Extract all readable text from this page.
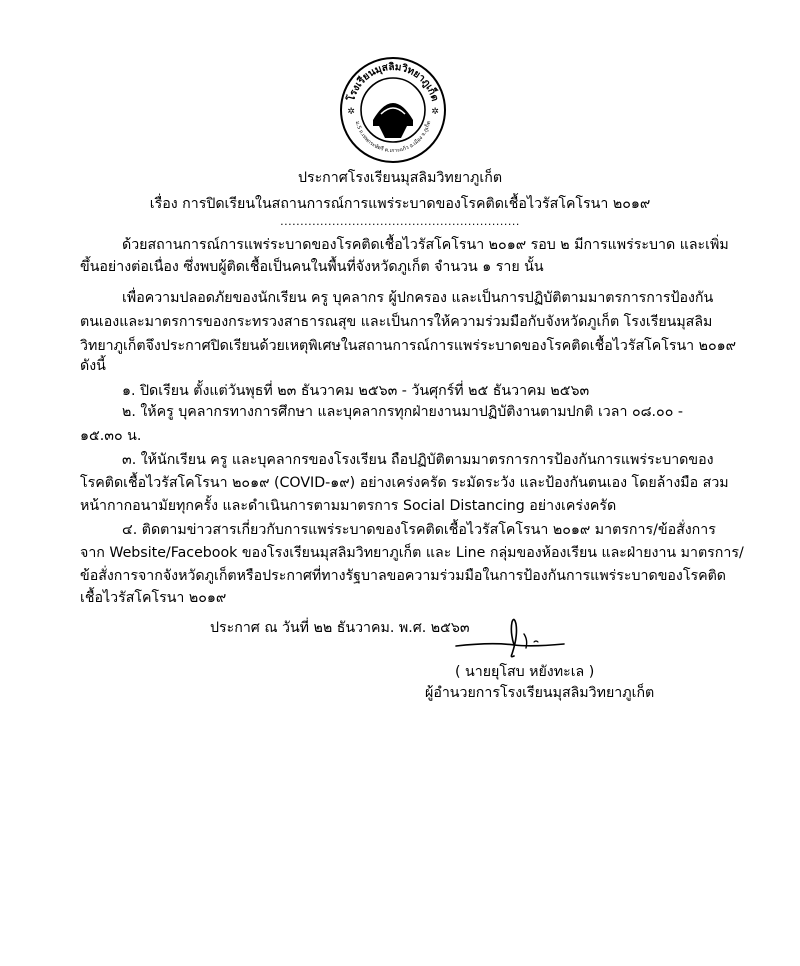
โรงเรียนมุสลิมวิทยาภูเก็ต
ม.5 ถ.เทพกระษัตรี ต.เกาะแก้ว อ.เมือง จ.ภูเก็ต
✲	✲
ประกาศโรงเรียนมุสลิมวิทยาภูเก็ต
เรื่อง การปิดเรียนในสถานการณ์การแพร่ระบาดของโรคติดเชื้อไวรัสโคโรนา ๒๐๑๙
............................................................
ด้วยสถานการณ์การแพร่ระบาดของโรคติดเชื้อไวรัสโคโรนา ๒๐๑๙ รอบ ๒ มีการแพร่ระบาด และเพิ่ม
ขึ้นอย่างต่อเนื่อง ซึ่งพบผู้ติดเชื้อเป็นคนในพื้นที่จังหวัดภูเก็ต จำนวน ๑ ราย นั้น
เพื่อความปลอดภัยของนักเรียน ครู บุคลากร ผู้ปกครอง และเป็นการปฏิบัติตามมาตรการการป้องกัน
ตนเองและมาตรการของกระทรวงสาธารณสุข และเป็นการให้ความร่วมมือกับจังหวัดภูเก็ต โรงเรียนมุสลิม
วิทยาภูเก็ตจึงประกาศปิดเรียนด้วยเหตุพิเศษในสถานการณ์การแพร่ระบาดของโรคติดเชื้อไวรัสโคโรนา ๒๐๑๙
ดังนี้
๑. ปิดเรียน ตั้งแต่วันพุธที่ ๒๓ ธันวาคม ๒๕๖๓ - วันศุกร์ที่ ๒๕ ธันวาคม ๒๕๖๓
๒. ให้ครู บุคลากรทางการศึกษา และบุคลากรทุกฝ่ายงานมาปฏิบัติงานตามปกติ เวลา ๐๘.๐๐ -
๑๕.๓๐ น.
๓. ให้นักเรียน ครู และบุคลากรของโรงเรียน ถือปฏิบัติตามมาตรการการป้องกันการแพร่ระบาดของ
โรคติดเชื้อไวรัสโคโรนา ๒๐๑๙ (COVID-๑๙) อย่างเคร่งครัด ระมัดระวัง และป้องกันตนเอง โดยล้างมือ สวม
หน้ากากอนามัยทุกครั้ง และดำเนินการตามมาตรการ Social Distancing อย่างเคร่งครัด
๔. ติดตามข่าวสารเกี่ยวกับการแพร่ระบาดของโรคติดเชื้อไวรัสโคโรนา ๒๐๑๙ มาตรการ/ข้อสั่งการ
จาก Website/Facebook ของโรงเรียนมุสลิมวิทยาภูเก็ต และ Line กลุ่มของห้องเรียน และฝ่ายงาน มาตรการ/
ข้อสั่งการจากจังหวัดภูเก็ตหรือประกาศที่ทางรัฐบาลขอความร่วมมือในการป้องกันการแพร่ระบาดของโรคติด
เชื้อไวรัสโคโรนา ๒๐๑๙
ประกาศ ณ วันที่ ๒๒ ธันวาคม. พ.ศ. ๒๕๖๓
( นายยุโสบ หยังทะเล )
ผู้อำนวยการโรงเรียนมุสลิมวิทยาภูเก็ต
